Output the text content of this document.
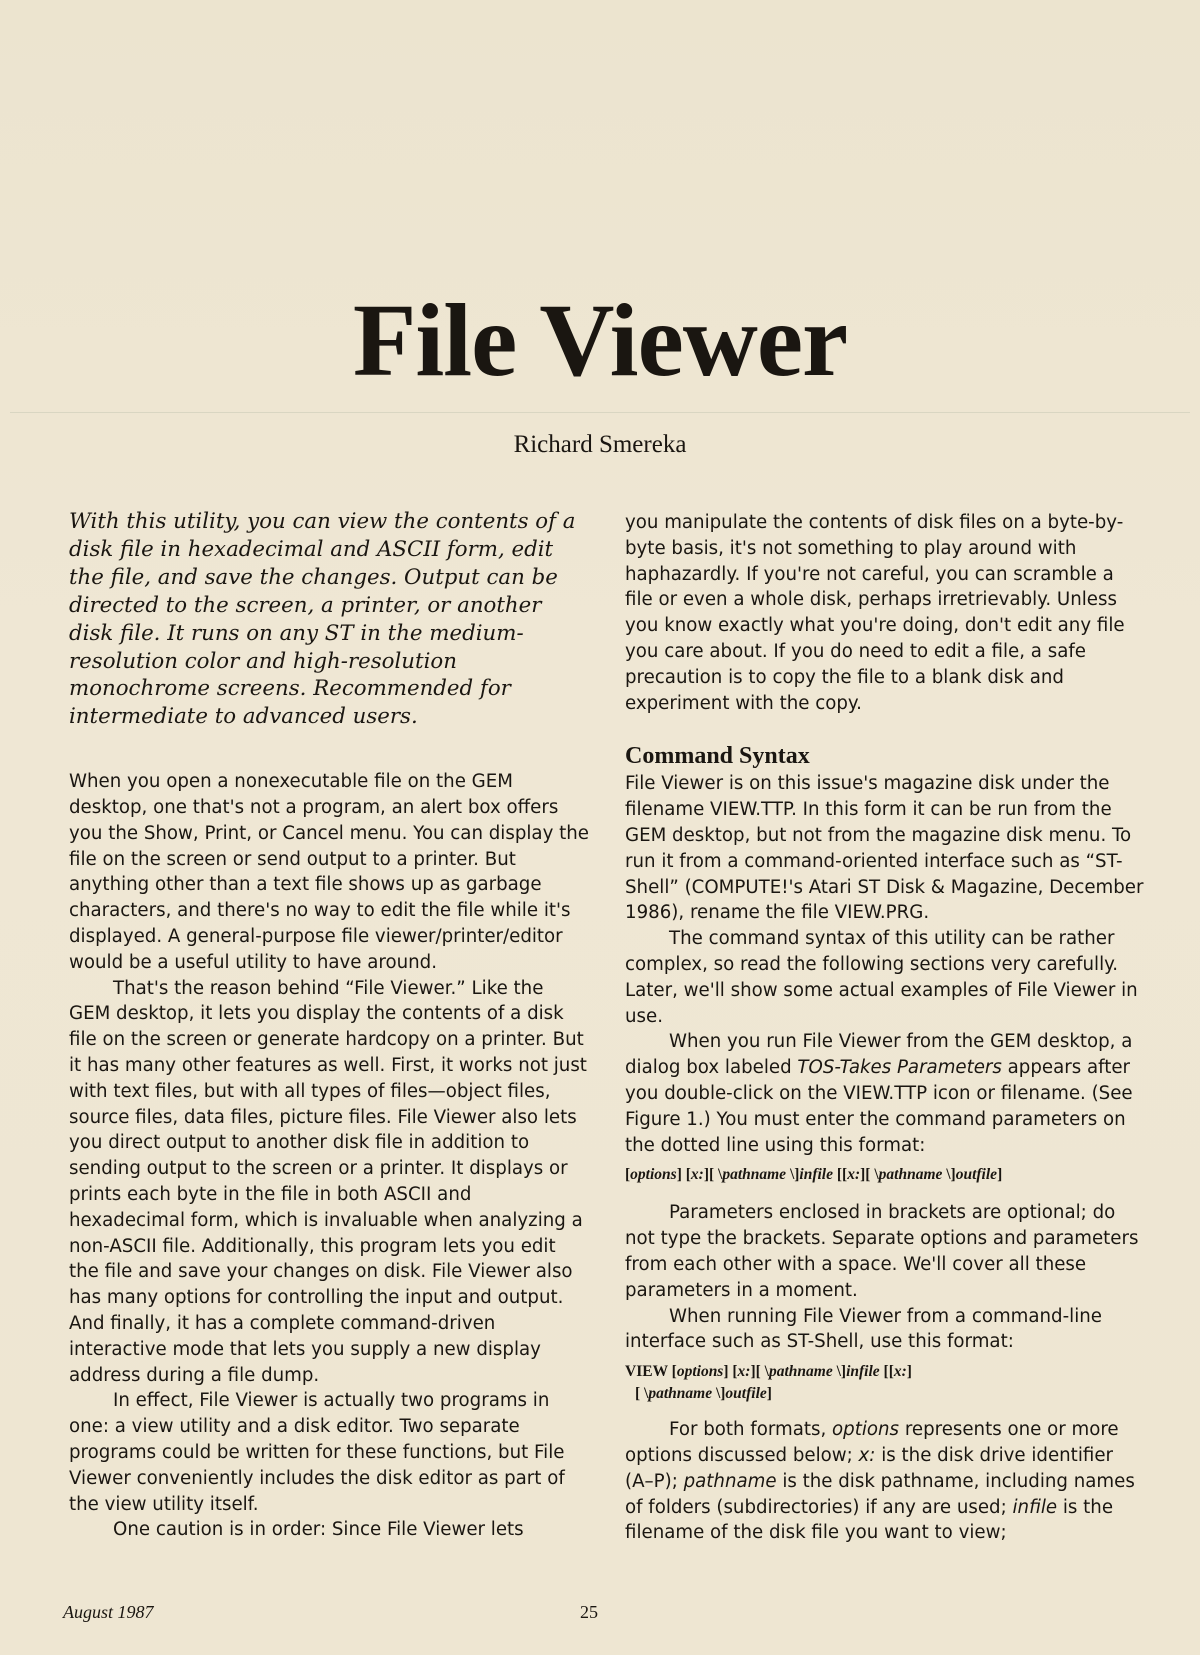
File Viewer
Richard Smereka

With this utility, you can view the contents of a disk file in hexadecimal and ASCII form, edit the file, and save the changes. Output can be directed to the screen, a printer, or another disk file. It runs on any ST in the medium-resolution color and high-resolution monochrome screens. Recommended for intermediate to advanced users.

When you open a nonexecutable file on the GEM desktop, one that's not a program, an alert box offers you the Show, Print, or Cancel menu. You can display the file on the screen or send output to a printer. But anything other than a text file shows up as garbage characters, and there's no way to edit the file while it's displayed. A general-purpose file viewer/printer/editor would be a useful utility to have around.

That's the reason behind “File Viewer.” Like the GEM desktop, it lets you display the contents of a disk file on the screen or generate hardcopy on a printer. But it has many other features as well. First, it works not just with text files, but with all types of files—object files, source files, data files, picture files. File Viewer also lets you direct output to another disk file in addition to sending output to the screen or a printer. It displays or prints each byte in the file in both ASCII and hexadecimal form, which is invaluable when analyzing a non-ASCII file. Additionally, this program lets you edit the file and save your changes on disk. File Viewer also has many options for controlling the input and output. And finally, it has a complete command-driven interactive mode that lets you supply a new display address during a file dump.

In effect, File Viewer is actually two programs in one: a view utility and a disk editor. Two separate programs could be written for these functions, but File Viewer conveniently includes the disk editor as part of the view utility itself.

One caution is in order: Since File Viewer lets

you manipulate the contents of disk files on a byte-by-byte basis, it's not something to play around with haphazardly. If you're not careful, you can scramble a file or even a whole disk, perhaps irretrievably. Unless you know exactly what you're doing, don't edit any file you care about. If you do need to edit a file, a safe precaution is to copy the file to a blank disk and experiment with the copy.

Command Syntax

File Viewer is on this issue's magazine disk under the filename VIEW.TTP. In this form it can be run from the GEM desktop, but not from the magazine disk menu. To run it from a command-oriented interface such as “ST-Shell” (COMPUTE!'s Atari ST Disk & Magazine, December 1986), rename the file VIEW.PRG.

The command syntax of this utility can be rather complex, so read the following sections very carefully. Later, we'll show some actual examples of File Viewer in use.

When you run File Viewer from the GEM desktop, a dialog box labeled TOS-Takes Parameters appears after you double-click on the VIEW.TTP icon or filename. (See Figure 1.) You must enter the command parameters on the dotted line using this format:

[options] [x:][ \pathname \]infile [[x:][ \pathname \]outfile]

Parameters enclosed in brackets are optional; do not type the brackets. Separate options and parameters from each other with a space. We'll cover all these parameters in a moment.

When running File Viewer from a command-line interface such as ST-Shell, use this format:

VIEW [options] [x:][ \pathname \]infile [[x:]
[ \pathname \]outfile]

For both formats, options represents one or more options discussed below; x: is the disk drive identifier (A–P); pathname is the disk pathname, including names of folders (subdirectories) if any are used; infile is the filename of the disk file you want to view;

August 1987	25
